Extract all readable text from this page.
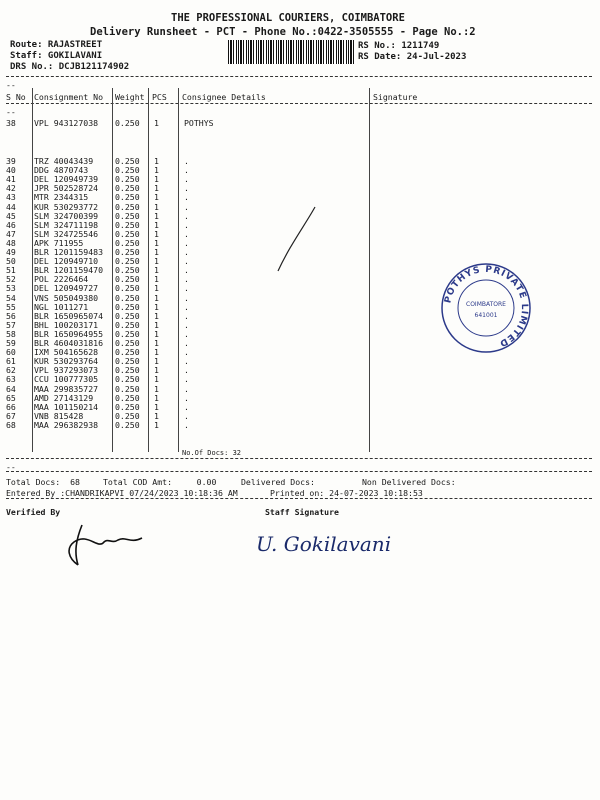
THE PROFESSIONAL COURIERS, COIMBATORE
Delivery Runsheet - PCT - Phone No.:0422-3505555 - Page No.:2
Route: RAJASTREET
Staff: GOKILAVANI
DRS No.: DCJB121174902
RS No.: 1211749
RS Date: 24-Jul-2023
--
S No Consignment No Weight PCS Consignee Details	Signature
--
38 VPL 943127038 0.250 1	POTHYS
39 TRZ 40043439	0.250 1	.
40 DDG 4870743	0.250 1	.
41 DEL 120949739 0.250 1	.
42 JPR 502528724 0.250 1	.
43 MTR 2344315	0.250 1	.
44 KUR 530293772 0.250 1	.
45 SLM 324700399 0.250 1	.
46 SLM 324711198 0.250 1	.
47 SLM 324725546 0.250 1	.
48 APK 711955	0.250 1	.
49 BLR 1201159483 0.250 1	.
50 DEL 120949710 0.250 1	.
51 BLR 1201159470 0.250 1	.
52 POL 2226464	0.250 1	.
53 DEL 120949727 0.250 1	.
54 VNS 505049380 0.250 1	.
55 NGL 1011271	0.250 1	.
56 BLR 1650965074 0.250 1	.
57 BHL 100203171 0.250 1	.
58 BLR 1650964955 0.250 1	.
59 BLR 4604031816 0.250 1	.
60 IXM 504165628 0.250 1	.
61 KUR 530293764 0.250 1	.
62 VPL 937293073 0.250 1	.
63 CCU 100777305 0.250 1	.
64 MAA 299835727 0.250 1	.
65 AMD 27143129	0.250 1	.
66 MAA 101150214 0.250 1	.
67 VNB 815428	0.250 1	.
68 MAA 296382938 0.250 1	.
No.Of Docs: 32
--
Total Docs:  68	Total COD Amt:     0.00	Delivered Docs:	Non Delivered Docs:
Entered By :CHANDRIKAPVI 07/24/2023 10:18:36 AM	Printed on: 24-07-2023 10:18:53
Verified By	Staff Signature
U. Gokilavani
POTHYS PRIVATE LIMITED
COIMBATORE
641001
